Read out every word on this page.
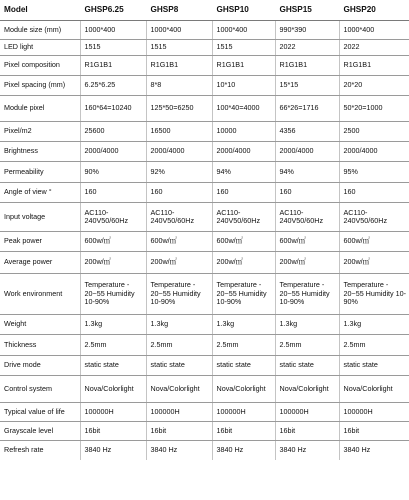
Model	GHSP6.25	GHSP8	GHSP10	GHSP15	GHSP20
Module size (mm)	1000*400	1000*400	1000*400	990*390	1000*400
LED light	1515	1515	1515	2022	2022
Pixel composition	R1G1B1	R1G1B1	R1G1B1	R1G1B1	R1G1B1
Pixel spacing (mm)	6.25*6.25	8*8	10*10	15*15	20*20
Module pixel	160*64=10240	125*50=6250	100*40=4000	66*26=1716	50*20=1000
Pixel/m2	25600	16500	10000	4356	2500
Brightness	2000/4000	2000/4000	2000/4000	2000/4000	2000/4000
Permeability	90%	92%	94%	94%	95%
Angle of view °	160	160	160	160	160
Input voltage	AC110-240V50/60Hz	AC110-240V50/60Hz	AC110-240V50/60Hz	AC110-240V50/60Hz	AC110-240V50/60Hz
Peak power	600w/㎡	600w/㎡	600w/㎡	600w/㎡	600w/㎡
Average power	200w/㎡	200w/㎡	200w/㎡	200w/㎡	200w/㎡
Work environment	Temperature - 20~55 Humidity 10-90%	Temperature - 20~55 Humidity 10-90%	Temperature - 20~55 Humidity 10-90%	Temperature - 20~55 Humidity 10-90%	Temperature - 20~55 Humidity 10-90%
Weight	1.3kg	1.3kg	1.3kg	1.3kg	1.3kg
Thickness	2.5mm	2.5mm	2.5mm	2.5mm	2.5mm
Drive mode	static state	static state	static state	static state	static state
Control system	Nova/Colorlight	Nova/Colorlight	Nova/Colorlight	Nova/Colorlight	Nova/Colorlight
Typical value of life	100000H	100000H	100000H	100000H	100000H
Grayscale level	16bit	16bit	16bit	16bit	16bit
Refresh rate	3840 Hz	3840 Hz	3840 Hz	3840 Hz	3840 Hz
